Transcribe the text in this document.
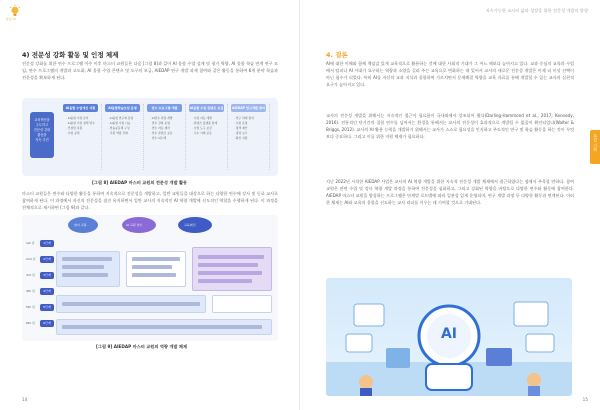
튜링 AI
4) 전문성 강화 활동 및 인정 체제
전문성 강화를 위한 연수 프로그램 이수 이후 마스터 교원들은 다음 [그림 8]과 같이 AI 융합 수업 설계 및 평가 역량, AI 융합 학습 연계 연구 모임, 연수 프로그램의 개발과 고도화, AI 융합 수업 콘텐츠 및 도구의 보급, AIEDAP 연구 개발 과제 참여와 같은 활동을 통하여 6개 분야 학습과 전문성을 확보하게 된다.
교육혁신을
주도하고
전문성 강화
활동을
지속 추진
AI융합 수업개선 지원
· AI융합 수업 분석
· AI융합 수업 설계 연수
· 컨설팅 지원
· 수업 공개
AI융합학습모임 운영
· AI융합 연구회 운영
· AI융합 수업 나눔
· 학습공동체 구성
· 교원 역량 강화
연수 프로그램 개발
· AI연수 과정 개발
· 연수 강의 운영
· 연수 자료 제작
· 연수 콘텐츠 공유
· 연수 피드백
AI융합 수업 콘텐츠 보급
· 수업 자료 개발
· 콘텐츠 플랫폼 탑재
· 수업 도구 보급
· 우수 사례 공유
AIEDAP 연구개발 참여
· 연구 과제 참여
· 시범 운영
· 정책 제안
· 결과 보고
· 확산 지원
[그림 8] AIEDAP 마스터 교원의 전문성 개발 활동
마스터 교원들은 연수와 다양한 활동을 통하여 지속적으로 전문성을 개발하고, 일반 교원들을 대상으로 하는 다양한 연수에 강사 및 동료 교사로 참여하게 된다. 이 과정에서 자신의 전문성을 점진 유지하면서 일반 교사의 지속적인 AI 역량 개발에 선도적인 역할을 수행하게 된다. 이 과정을 전체적으로 제시하면 [그림 9]과 같다.
참여 교원	AI 교원 연수	교육혁신
1st 년	1단계
2nd 년	2단계
3rd 년	3단계
4th 년	4단계
5th 년	5단계
6th 년	6단계
[그림 9] AIEDAP 마스터 교원의 역량 개발 체제
14
지속가능한 교사의 삶과 성장을 위한 전문성 개발의 방향
특집 기획
4. 결론
AI에 대한 이해와 함께 책임감 있게 교육적으로 활용하는 것에 대한 사회적 기대가 그 어느 때보다 높아지고 있다. 교과 중심의 교육과 수업에서 탈피나 AI 시대가 요구하는 역량과 소양을 길러 주는 교육으로 변화하는 데 있어서 교사의 새로운 전문성 개발은 이제 더 이상 선택이 아닌 필수가 되었다. 특히 AI를 자신의 교과 지식과 융합하여 가르치면서 문제해결 역량을 교육 자료를 통해 개발할 수 있는 교사의 실천적 요구가 높아지고 있다.
교사의 전문성 개발을 위해서는 지속적인 접근이 필요함이 국내외에서 강조되어 왔다(Darling-Hammond et al., 2017; Kennedy, 2016). 전통적인 단기간의 집합 연수를 넘어서는 환경을 통해서는 교사의 전문성이 효과적으로 개발될 수 없음이 확인되었다(Walter & Briggs, 2012). 교사의 AI 활용 능력을 개발하기 위해서는 교사가 스스로 필요성을 인지하고 주도적인 연구 및 학습 활동을 하는 것이 무엇보다 중요하다. 그리고 이를 위한 지원 체제가 필요하다.
지난 2022년 시작한 AIEDAP 사업은 교사의 AI 역량 개발을 위한 지속적 전문성 개발 체제에서 접근하였다는 점에서 주목할 만하다. 참여 교원은 관련 수업 및 강사 역량 개발 과정을 통하여 전문성을 심화하고, 그리고 강화된 역량을 바탕으로 다양한 연수와 활동에 참여한다. AIEDAP 마스터 교원을 양성하는 프로그램은 단계별 로드맵에 따라 일관성 있게 운영되며, 연구 개발 과정 등 다양한 활동과 연계된다. 이러한 체제는 AI와 교육의 융합을 선도하는 교사 리더를 키우는 데 기여할 것으로 기대된다.
15
AI
